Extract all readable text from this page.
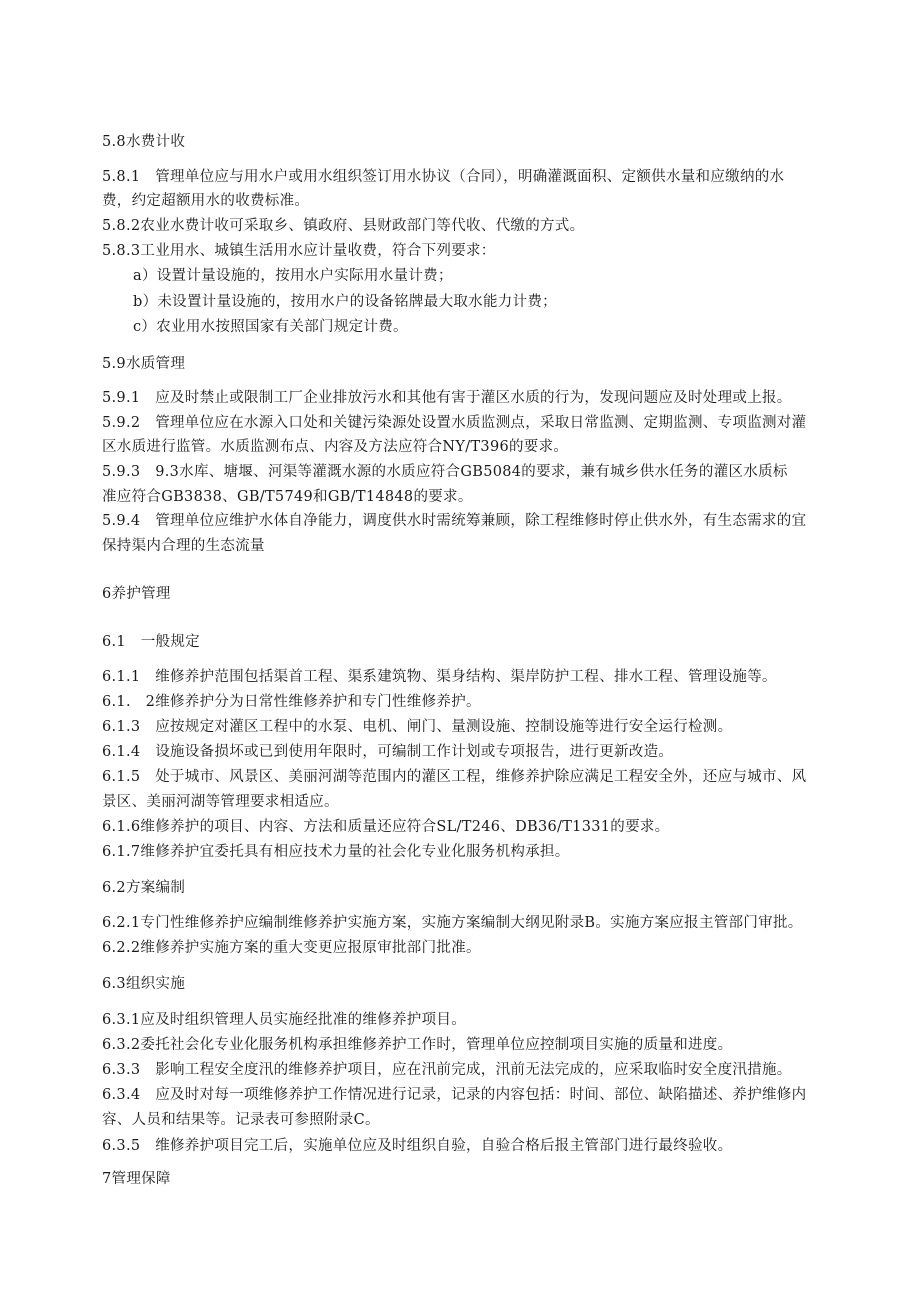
5.8水费计收
5.8.1　管理单位应与用水户或用水组织签订用水协议（合同），明确灌溉面积、定额供水量和应缴纳的水
费，约定超额用水的收费标准。
5.8.2农业水费计收可采取乡、镇政府、县财政部门等代收、代缴的方式。
5.8.3工业用水、城镇生活用水应计量收费，符合下列要求：
a）设置计量设施的，按用水户实际用水量计费；
b）未设置计量设施的，按用水户的设备铭牌最大取水能力计费；
c）农业用水按照国家有关部门规定计费。
5.9水质管理
5.9.1　应及时禁止或限制工厂企业排放污水和其他有害于灌区水质的行为，发现问题应及时处理或上报。
5.9.2　管理单位应在水源入口处和关键污染源处设置水质监测点，采取日常监测、定期监测、专项监测对灌
区水质进行监管。水质监测布点、内容及方法应符合NY/T396的要求。
5.9.3　9.3水库、塘堰、河渠等灌溉水源的水质应符合GB5084的要求，兼有城乡供水任务的灌区水质标
准应符合GB3838、GB/T5749和GB/T14848的要求。
5.9.4　管理单位应维护水体自净能力，调度供水时需统筹兼顾，除工程维修时停止供水外，有生态需求的宜
保持渠内合理的生态流量
6养护管理
6.1　一般规定
6.1.1　维修养护范围包括渠首工程、渠系建筑物、渠身结构、渠岸防护工程、排水工程、管理设施等。
6.1.　2维修养护分为日常性维修养护和专门性维修养护。
6.1.3　应按规定对灌区工程中的水泵、电机、闸门、量测设施、控制设施等进行安全运行检测。
6.1.4　设施设备损坏或已到使用年限时，可编制工作计划或专项报告，进行更新改造。
6.1.5　处于城市、风景区、美丽河湖等范围内的灌区工程，维修养护除应满足工程安全外，还应与城市、风
景区、美丽河湖等管理要求相适应。
6.1.6维修养护的项目、内容、方法和质量还应符合SL/T246、DB36/T1331的要求。
6.1.7维修养护宜委托具有相应技术力量的社会化专业化服务机构承担。
6.2方案编制
6.2.1专门性维修养护应编制维修养护实施方案，实施方案编制大纲见附录B。实施方案应报主管部门审批。
6.2.2维修养护实施方案的重大变更应报原审批部门批准。
6.3组织实施
6.3.1应及时组织管理人员实施经批准的维修养护项目。
6.3.2委托社会化专业化服务机构承担维修养护工作时，管理单位应控制项目实施的质量和进度。
6.3.3　影响工程安全度汛的维修养护项目，应在汛前完成，汛前无法完成的，应采取临时安全度汛措施。
6.3.4　应及时对每一项维修养护工作情况进行记录，记录的内容包括：时间、部位、缺陷描述、养护维修内
容、人员和结果等。记录表可参照附录C。
6.3.5　维修养护项目完工后，实施单位应及时组织自验，自验合格后报主管部门进行最终验收。
7管理保障
